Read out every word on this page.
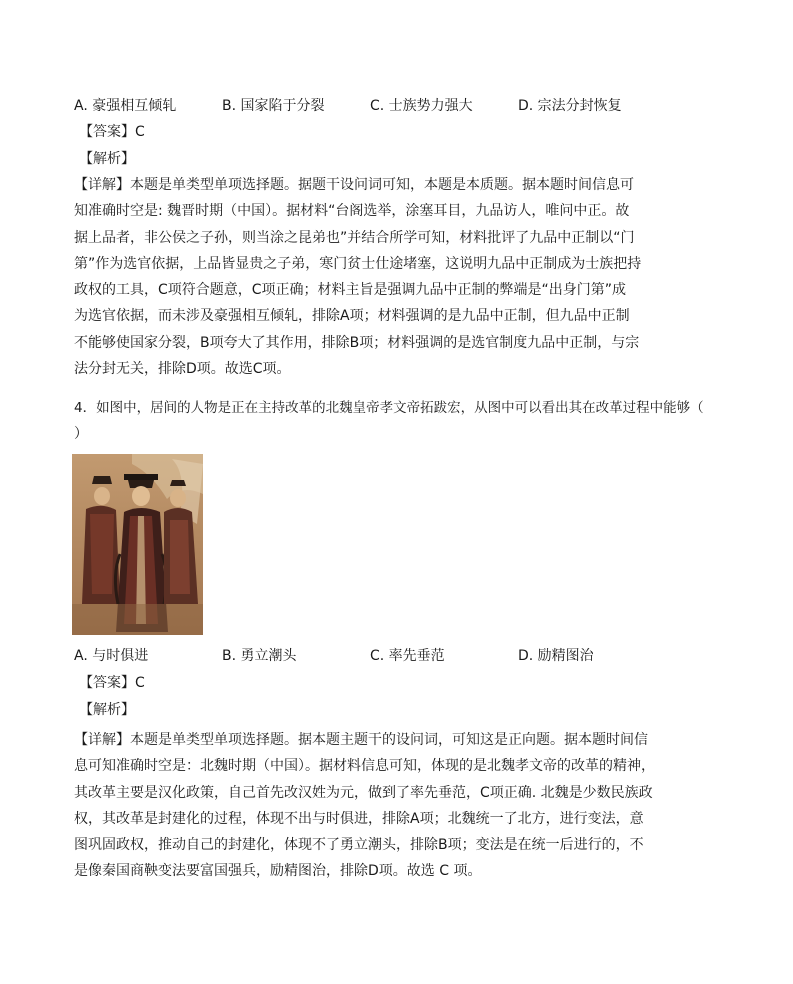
A. 豪强相互倾轧	B. 国家陷于分裂	C. 士族势力强大	D. 宗法分封恢复
【答案】C
【解析】
【详解】本题是单类型单项选择题。据题干设问词可知，本题是本质题。据本题时间信息可
知准确时空是: 魏晋时期（中国）。据材料“台阁选举，涂塞耳目，九品访人，唯问中正。故
据上品者，非公侯之子孙，则当涂之昆弟也”并结合所学可知，材料批评了九品中正制以“门
第”作为选官依据，上品皆显贵之子弟，寒门贫士仕途堵塞，这说明九品中正制成为士族把持
政权的工具，C项符合题意，C项正确；材料主旨是强调九品中正制的弊端是“出身门第”成
为选官依据，而未涉及豪强相互倾轧，排除A项；材料强调的是九品中正制，但九品中正制
不能够使国家分裂，B项夸大了其作用，排除B项；材料强调的是选官制度九品中正制，与宗
法分封无关，排除D项。故选C项。
4．如图中，居间的人物是正在主持改革的北魏皇帝孝文帝拓跋宏，从图中可以看出其在改革过程中能够（
）
A. 与时俱进	B. 勇立潮头	C. 率先垂范	D. 励精图治
【答案】C
【解析】
【详解】本题是单类型单项选择题。据本题主题干的设问词，可知这是正向题。据本题时间信
息可知准确时空是：北魏时期（中国）。据材料信息可知，体现的是北魏孝文帝的改革的精神，
其改革主要是汉化政策，自己首先改汉姓为元，做到了率先垂范，C项正确. 北魏是少数民族政
权，其改革是封建化的过程，体现不出与时俱进，排除A项；北魏统一了北方，进行变法，意
图巩固政权，推动自己的封建化，体现不了勇立潮头，排除B项；变法是在统一后进行的，不
是像秦国商鞅变法要富国强兵，励精图治，排除D项。故选 C 项。
